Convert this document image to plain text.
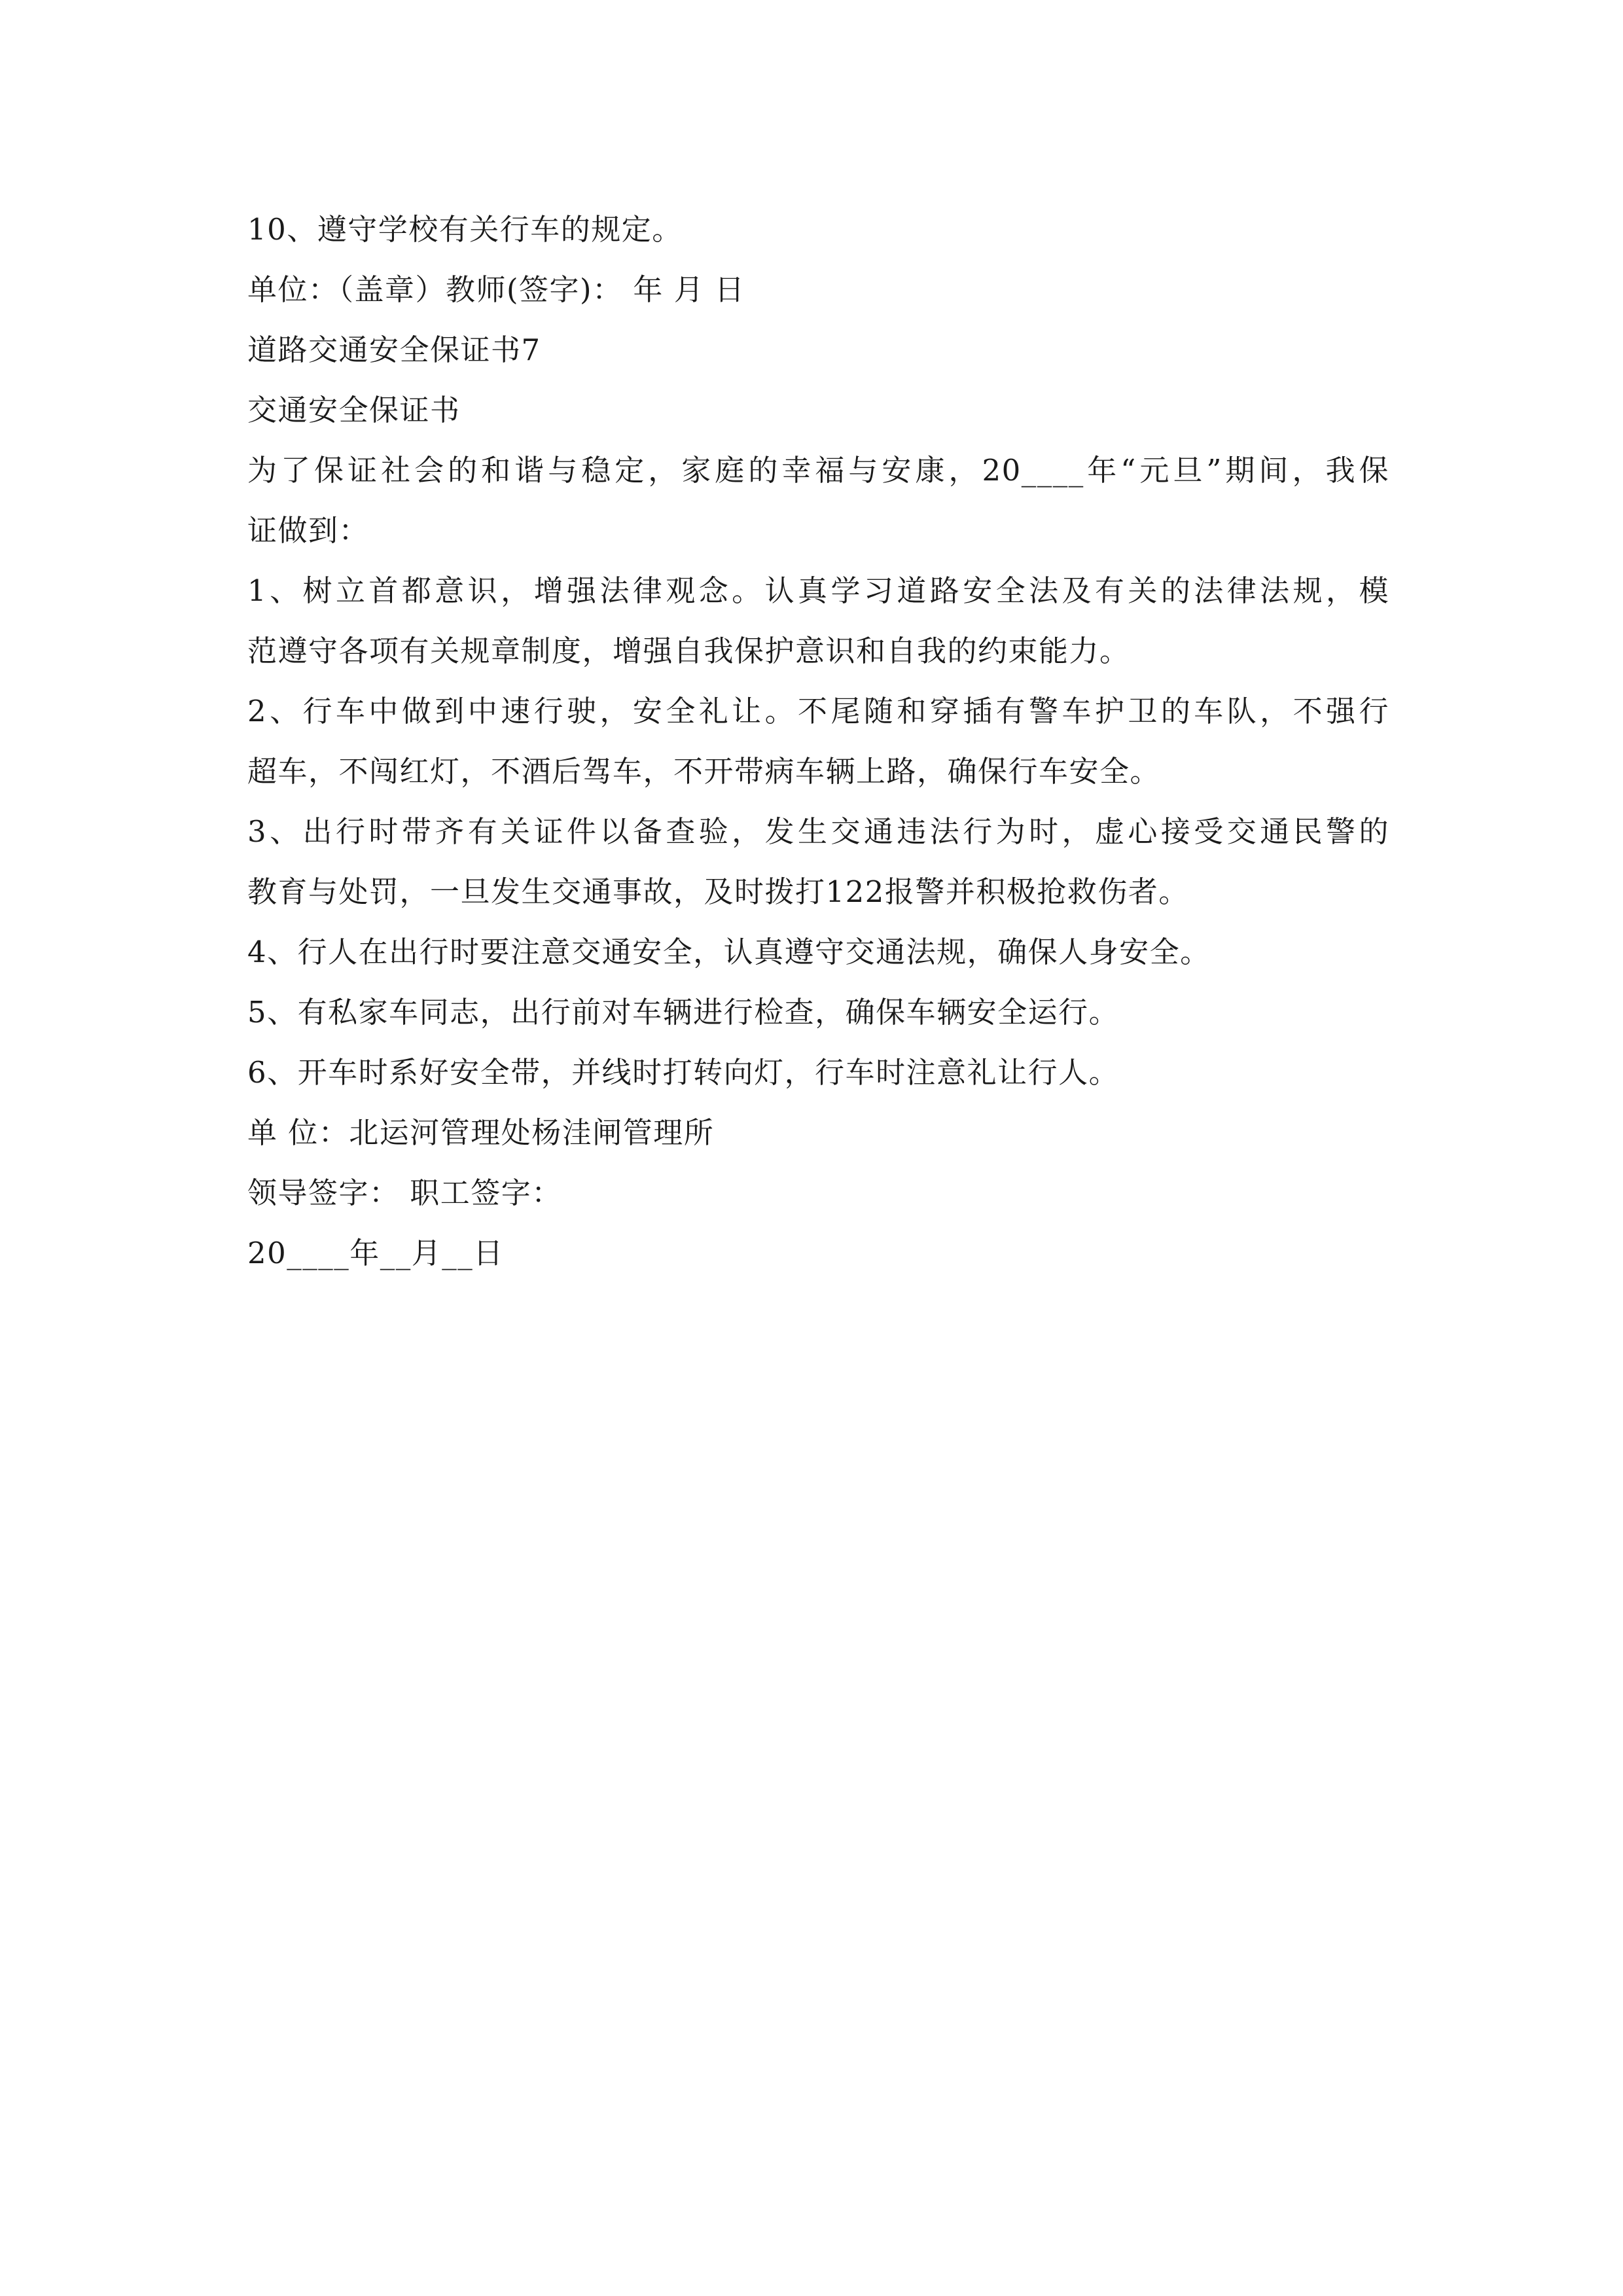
10、遵守学校有关行车的规定。
单位：（盖章）教师(签字)： 年 月 日
道路交通安全保证书7
交通安全保证书
为了保证社会的和谐与稳定，家庭的幸福与安康，20____年“元旦”期间，我保
证做到：
1、树立首都意识，增强法律观念。认真学习道路安全法及有关的法律法规，模
范遵守各项有关规章制度，增强自我保护意识和自我的约束能力。
2、行车中做到中速行驶，安全礼让。不尾随和穿插有警车护卫的车队，不强行
超车，不闯红灯，不酒后驾车，不开带病车辆上路，确保行车安全。
3、出行时带齐有关证件以备查验，发生交通违法行为时，虚心接受交通民警的
教育与处罚，一旦发生交通事故，及时拨打122报警并积极抢救伤者。
4、行人在出行时要注意交通安全，认真遵守交通法规，确保人身安全。
5、有私家车同志，出行前对车辆进行检查，确保车辆安全运行。
6、开车时系好安全带，并线时打转向灯，行车时注意礼让行人。
单 位：北运河管理处杨洼闸管理所
领导签字： 职工签字：
20____年__月__日
